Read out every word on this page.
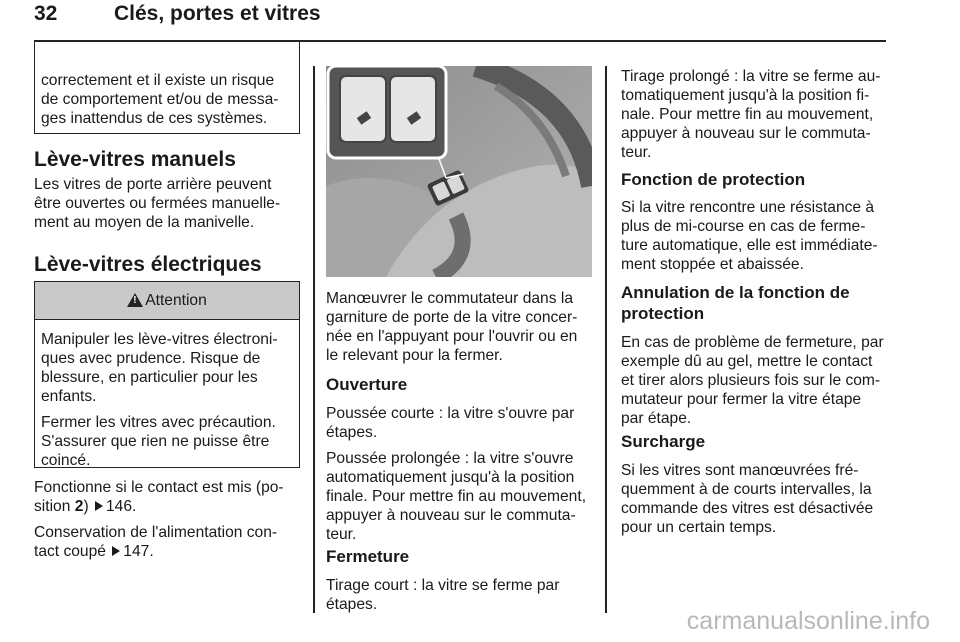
32	Clés, portes et vitres

correctement et il existe un risque

de comportement et/ou de messa-

ges inattendus de ces systèmes.

Lève-vitres manuels

Les vitres de porte arrière peuvent

être ouvertes ou fermées manuelle-

ment au moyen de la manivelle.

Lève-vitres électriques
! Attention

Manipuler les lève-vitres électroni-

ques avec prudence. Risque de

blessure, en particulier pour les

enfants.

Fermer les vitres avec précaution.

S'assurer que rien ne puisse être

coincé.

Fonctionne si le contact est mis (po-

sition 2) 146.

Conservation de l'alimentation con-

tact coupé 147.

Manœuvrer le commutateur dans la

garniture de porte de la vitre concer-

née en l'appuyant pour l'ouvrir ou en

le relevant pour la fermer.

Ouverture

Poussée courte : la vitre s'ouvre par

étapes.

Poussée prolongée : la vitre s'ouvre

automatiquement jusqu'à la position

finale. Pour mettre fin au mouvement,

appuyer à nouveau sur le commuta-

teur.

Fermeture

Tirage court : la vitre se ferme par

étapes.

Tirage prolongé : la vitre se ferme au-

tomatiquement jusqu'à la position fi-

nale. Pour mettre fin au mouvement,

appuyer à nouveau sur le commuta-

teur.

Fonction de protection

Si la vitre rencontre une résistance à

plus de mi-course en cas de ferme-

ture automatique, elle est immédiate-

ment stoppée et abaissée.

Annulation de la fonction de
protection

En cas de problème de fermeture, par

exemple dû au gel, mettre le contact

et tirer alors plusieurs fois sur le com-

mutateur pour fermer la vitre étape

par étape.

Surcharge

Si les vitres sont manœuvrées fré-

quemment à de courts intervalles, la

commande des vitres est désactivée

pour un certain temps.

carmanualsonline.info
